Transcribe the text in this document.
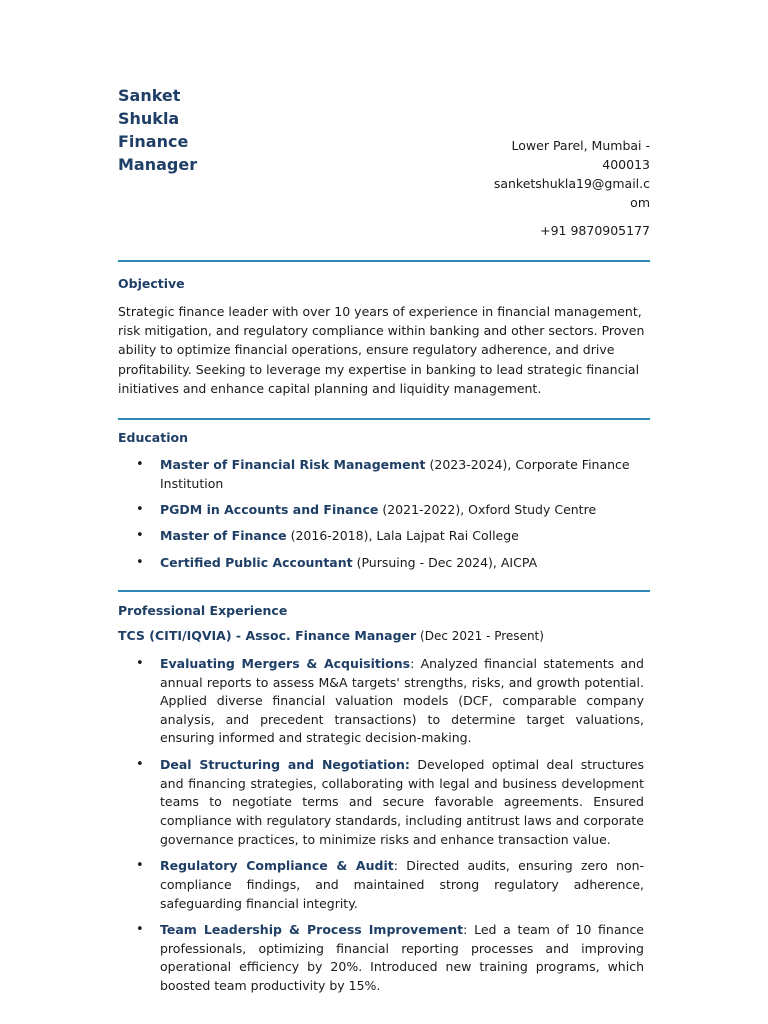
Sanket
Shukla
Finance
Manager
Lower Parel, Mumbai -
400013
sanketshukla19@gmail.c
om
+91 9870905177
Objective
Strategic finance leader with over 10 years of experience in financial management, risk mitigation, and regulatory compliance within banking and other sectors. Proven ability to optimize financial operations, ensure regulatory adherence, and drive profitability. Seeking to leverage my expertise in banking to lead strategic financial initiatives and enhance capital planning and liquidity management.
Education
• Master of Financial Risk Management (2023-2024), Corporate Finance Institution
• PGDM in Accounts and Finance (2021-2022), Oxford Study Centre
• Master of Finance (2016-2018), Lala Lajpat Rai College
• Certified Public Accountant (Pursuing - Dec 2024), AICPA
Professional Experience
TCS (CITI/IQVIA) - Assoc. Finance Manager (Dec 2021 - Present)
• Evaluating Mergers & Acquisitions: Analyzed financial statements and annual reports to assess M&A targets' strengths, risks, and growth potential. Applied diverse financial valuation models (DCF, comparable company analysis, and precedent transactions) to determine target valuations, ensuring informed and strategic decision-making.
• Deal Structuring and Negotiation: Developed optimal deal structures and financing strategies, collaborating with legal and business development teams to negotiate terms and secure favorable agreements. Ensured compliance with regulatory standards, including antitrust laws and corporate governance practices, to minimize risks and enhance transaction value.
• Regulatory Compliance & Audit: Directed audits, ensuring zero non-compliance findings, and maintained strong regulatory adherence, safeguarding financial integrity.
• Team Leadership & Process Improvement: Led a team of 10 finance professionals, optimizing financial reporting processes and improving operational efficiency by 20%. Introduced new training programs, which boosted team productivity by 15%.
